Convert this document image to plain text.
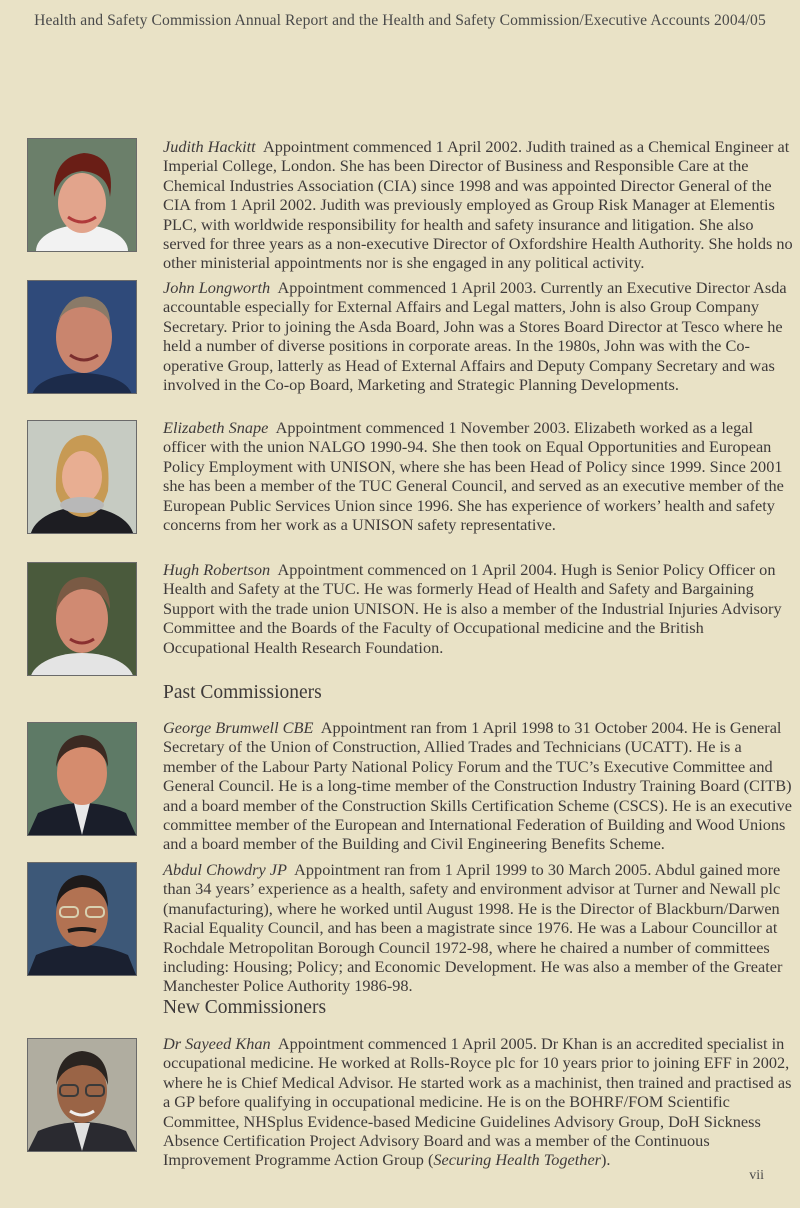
Health and Safety Commission Annual Report and the Health and Safety Commission/Executive Accounts 2004/05
Judith Hackitt Appointment commenced 1 April 2002. Judith trained as a Chemical Engineer at Imperial College, London. She has been Director of Business and Responsible Care at the Chemical Industries Association (CIA) since 1998 and was appointed Director General of the CIA from 1 April 2002. Judith was previously employed as Group Risk Manager at Elementis PLC, with worldwide responsibility for health and safety insurance and litigation. She also served for three years as a non-executive Director of Oxfordshire Health Authority. She holds no other ministerial appointments nor is she engaged in any political activity.
John Longworth Appointment commenced 1 April 2003. Currently an Executive Director Asda accountable especially for External Affairs and Legal matters, John is also Group Company Secretary. Prior to joining the Asda Board, John was a Stores Board Director at Tesco where he held a number of diverse positions in corporate areas. In the 1980s, John was with the Co-operative Group, latterly as Head of External Affairs and Deputy Company Secretary and was involved in the Co-op Board, Marketing and Strategic Planning Developments.
Elizabeth Snape Appointment commenced 1 November 2003. Elizabeth worked as a legal officer with the union NALGO 1990-94. She then took on Equal Opportunities and European Policy Employment with UNISON, where she has been Head of Policy since 1999. Since 2001 she has been a member of the TUC General Council, and served as an executive member of the European Public Services Union since 1996. She has experience of workers’ health and safety concerns from her work as a UNISON safety representative.
Hugh Robertson Appointment commenced on 1 April 2004. Hugh is Senior Policy Officer on Health and Safety at the TUC. He was formerly Head of Health and Safety and Bargaining Support with the trade union UNISON. He is also a member of the Industrial Injuries Advisory Committee and the Boards of the Faculty of Occupational medicine and the British Occupational Health Research Foundation.
Past Commissioners
George Brumwell CBE Appointment ran from 1 April 1998 to 31 October 2004. He is General Secretary of the Union of Construction, Allied Trades and Technicians (UCATT). He is a member of the Labour Party National Policy Forum and the TUC’s Executive Committee and General Council. He is a long-time member of the Construction Industry Training Board (CITB) and a board member of the Construction Skills Certification Scheme (CSCS). He is an executive committee member of the European and International Federation of Building and Wood Unions and a board member of the Building and Civil Engineering Benefits Scheme.
Abdul Chowdry JP Appointment ran from 1 April 1999 to 30 March 2005. Abdul gained more than 34 years’ experience as a health, safety and environment advisor at Turner and Newall plc (manufacturing), where he worked until August 1998. He is the Director of Blackburn/Darwen Racial Equality Council, and has been a magistrate since 1976. He was a Labour Councillor at Rochdale Metropolitan Borough Council 1972-98, where he chaired a number of committees including: Housing; Policy; and Economic Development. He was also a member of the Greater Manchester Police Authority 1986-98.
New Commissioners
Dr Sayeed Khan Appointment commenced 1 April 2005. Dr Khan is an accredited specialist in occupational medicine. He worked at Rolls-Royce plc for 10 years prior to joining EFF in 2002, where he is Chief Medical Advisor. He started work as a machinist, then trained and practised as a GP before qualifying in occupational medicine. He is on the BOHRF/FOM Scientific Committee, NHSplus Evidence-based Medicine Guidelines Advisory Group, DoH Sickness Absence Certification Project Advisory Board and was a member of the Continuous Improvement Programme Action Group (Securing Health Together).
vii
